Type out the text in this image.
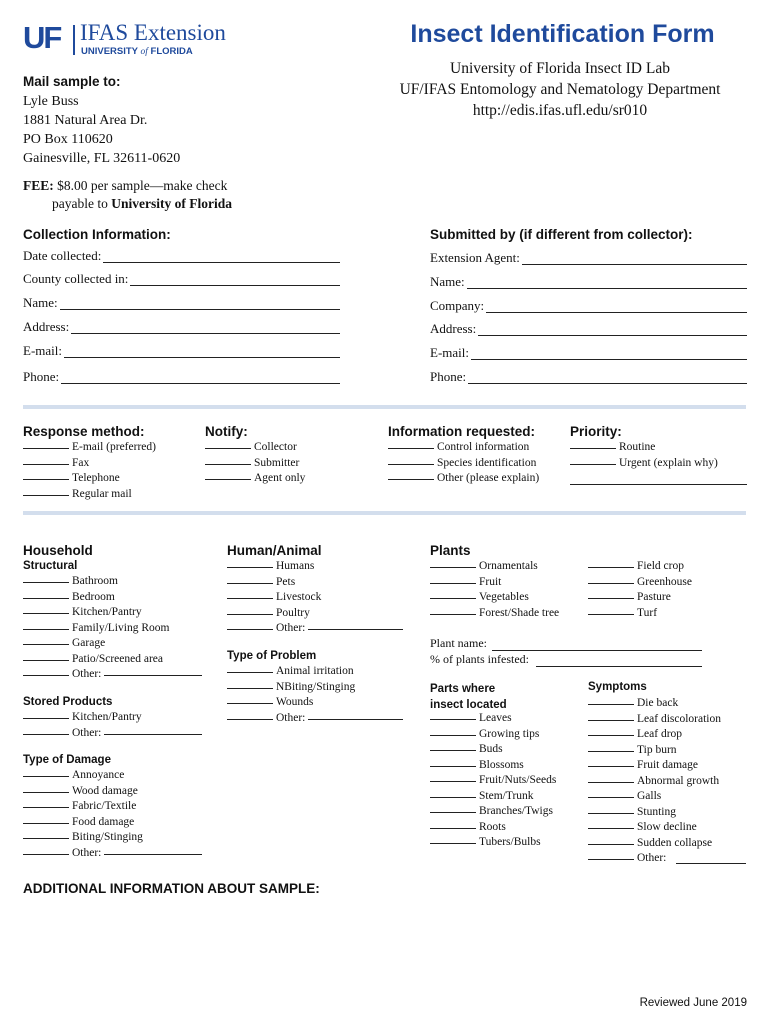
UF IFAS Extension
UNIVERSITY of FLORIDA
Insect Identification Form
University of Florida Insect ID Lab
UF/IFAS Entomology and Nematology Department
http://edis.ifas.ufl.edu/sr010
Mail sample to:
Lyle Buss
1881 Natural Area Dr.
PO Box 110620
Gainesville, FL 32611-0620
FEE: $8.00 per sample—make check
payable to University of Florida
Collection Information:
Date collected:
County collected in:
Name:
Address:
E-mail:
Phone:
Submitted by (if different from collector):
Extension Agent:
Name:
Company:
Address:
E-mail:
Phone:
Response method:
E-mail (preferred)
Fax
Telephone
Regular mail
Notify:
Collector
Submitter
Agent only
Information requested:
Control information
Species identification
Other (please explain)
Priority:
Routine
Urgent (explain why)
Household
Structural
Bathroom
Bedroom
Kitchen/Pantry
Family/Living Room
Garage
Patio/Screened area
Other:
Stored Products
Kitchen/Pantry
Other:
Type of Damage
Annoyance
Wood damage
Fabric/Textile
Food damage
Biting/Stinging
Other:
Human/Animal
Humans
Pets
Livestock
Poultry
Other:
Type of Problem
Animal irritation
NBiting/Stinging
Wounds
Other:
Plants
Ornamentals
Fruit
Vegetables
Forest/Shade tree
Field crop
Greenhouse
Pasture
Turf
Plant name:
% of plants infested:
Parts where
insect located
Leaves
Growing tips
Buds
Blossoms
Fruit/Nuts/Seeds
Stem/Trunk
Branches/Twigs
Roots
Tubers/Bulbs
Symptoms
Die back
Leaf discoloration
Leaf drop
Tip burn
Fruit damage
Abnormal growth
Galls
Stunting
Slow decline
Sudden collapse
Other:
ADDITIONAL INFORMATION ABOUT SAMPLE:
Reviewed June 2019
